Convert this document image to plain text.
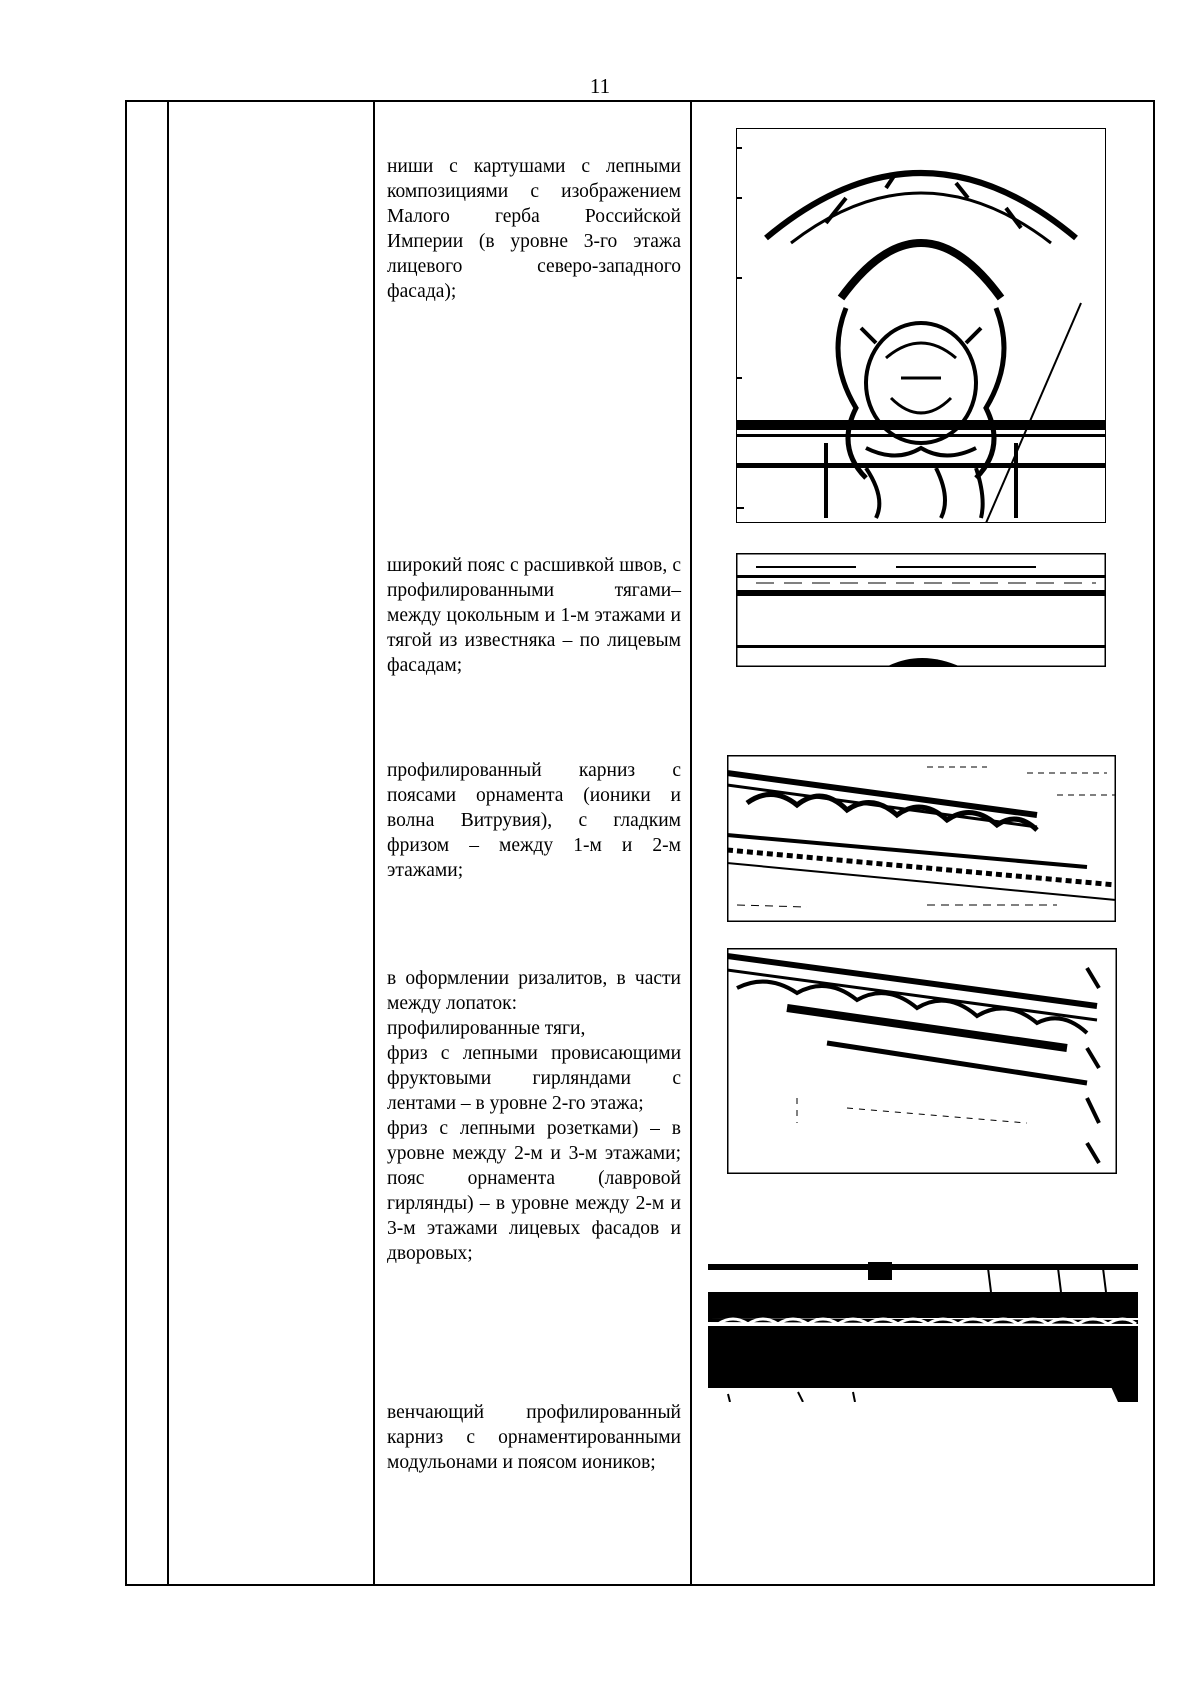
11

ниши с картушами с лепными композициями с изображением Малого герба Российской Империи (в уровне 3-го этажа лицевого северо-западного фасада);

широкий пояс с расшивкой швов, с профилированными тягами– между цокольным и 1-м этажами и тягой из известняка – по лицевым фасадам;

профилированный карниз с поясами орнамента (ионики и волна Витрувия), с гладким фризом – между 1-м и 2-м этажами;

в оформлении ризалитов, в части между лопаток:

профилированные тяги,

фриз с лепными провисающими фруктовыми гирляндами с лентами – в уровне 2-го этажа;

фриз с лепными розетками) – в уровне между 2-м и 3-м этажами; пояс орнамента (лавровой гирлянды) – в уровне между 2-м и 3-м этажами лицевых фасадов и дворовых;

венчающий профилированный карниз с орнаментированными модульонами и поясом иоников;
